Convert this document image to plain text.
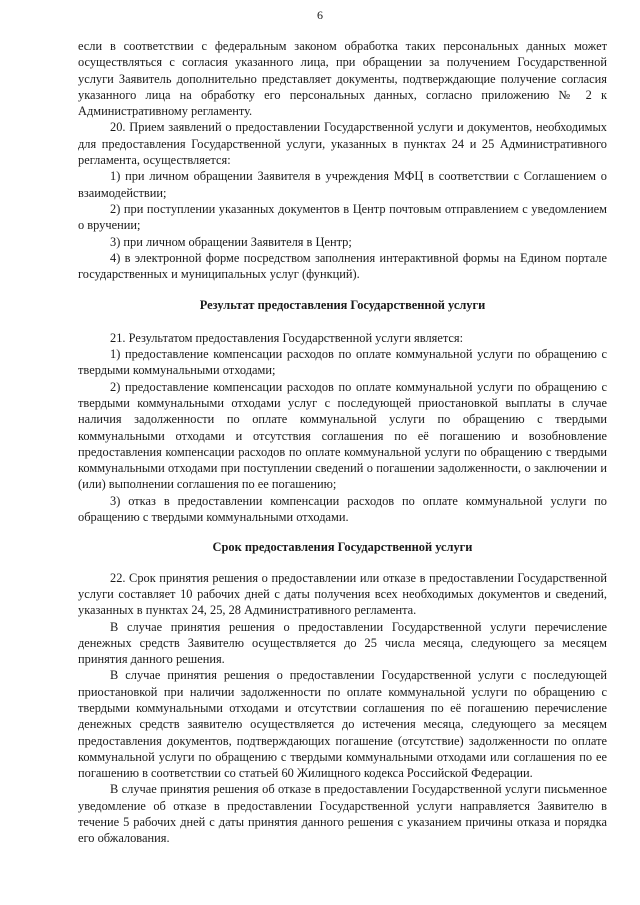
6

если в соответствии с федеральным законом обработка таких персональных данных может осуществляться с согласия указанного лица, при обращении за получением Государственной услуги Заявитель дополнительно представляет документы, подтверждающие получение согласия указанного лица на обработку его персональных данных, согласно приложению № 2 к Административному регламенту.

20. Прием заявлений о предоставлении Государственной услуги и документов, необходимых для предоставления Государственной услуги, указанных в пунктах 24 и 25 Административного регламента, осуществляется:

1) при личном обращении Заявителя в учреждения МФЦ в соответствии с Соглашением о взаимодействии;

2) при поступлении указанных документов в Центр почтовым отправлением с уведомлением о вручении;

3) при личном обращении Заявителя в Центр;

4) в электронной форме посредством заполнения интерактивной формы на Едином портале государственных и муниципальных услуг (функций).

Результат предоставления Государственной услуги

21. Результатом предоставления Государственной услуги является:

1) предоставление компенсации расходов по оплате коммунальной услуги по обращению с твердыми коммунальными отходами;

2) предоставление компенсации расходов по оплате коммунальной услуги по обращению с твердыми коммунальными отходами услуг с последующей приостановкой выплаты в случае наличия задолженности по оплате коммунальной услуги по обращению с твердыми коммунальными отходами и отсутствия соглашения по её погашению и возобновление предоставления компенсации расходов по оплате коммунальной услуги по обращению с твердыми коммунальными отходами при поступлении сведений о погашении задолженности, о заключении и (или) выполнении соглашения по ее погашению;

3) отказ в предоставлении компенсации расходов по оплате коммунальной услуги по обращению с твердыми коммунальными отходами.

Срок предоставления Государственной услуги

22. Срок принятия решения о предоставлении или отказе в предоставлении Государственной услуги составляет 10 рабочих дней с даты получения всех необходимых документов и сведений, указанных в пунктах 24, 25, 28 Административного регламента.

В случае принятия решения о предоставлении Государственной услуги перечисление денежных средств Заявителю осуществляется до 25 числа месяца, следующего за месяцем принятия данного решения.

В случае принятия решения о предоставлении Государственной услуги с последующей приостановкой при наличии задолженности по оплате коммунальной услуги по обращению с твердыми коммунальными отходами и отсутствии соглашения по её погашению перечисление денежных средств заявителю осуществляется до истечения месяца, следующего за месяцем предоставления документов, подтверждающих погашение (отсутствие) задолженности по оплате коммунальной услуги по обращению с твердыми коммунальными отходами или соглашения по ее погашению в соответствии со статьей 60 Жилищного кодекса Российской Федерации.

В случае принятия решения об отказе в предоставлении Государственной услуги письменное уведомление об отказе в предоставлении Государственной услуги направляется Заявителю в течение 5 рабочих дней с даты принятия данного решения с указанием причины отказа и порядка его обжалования.
